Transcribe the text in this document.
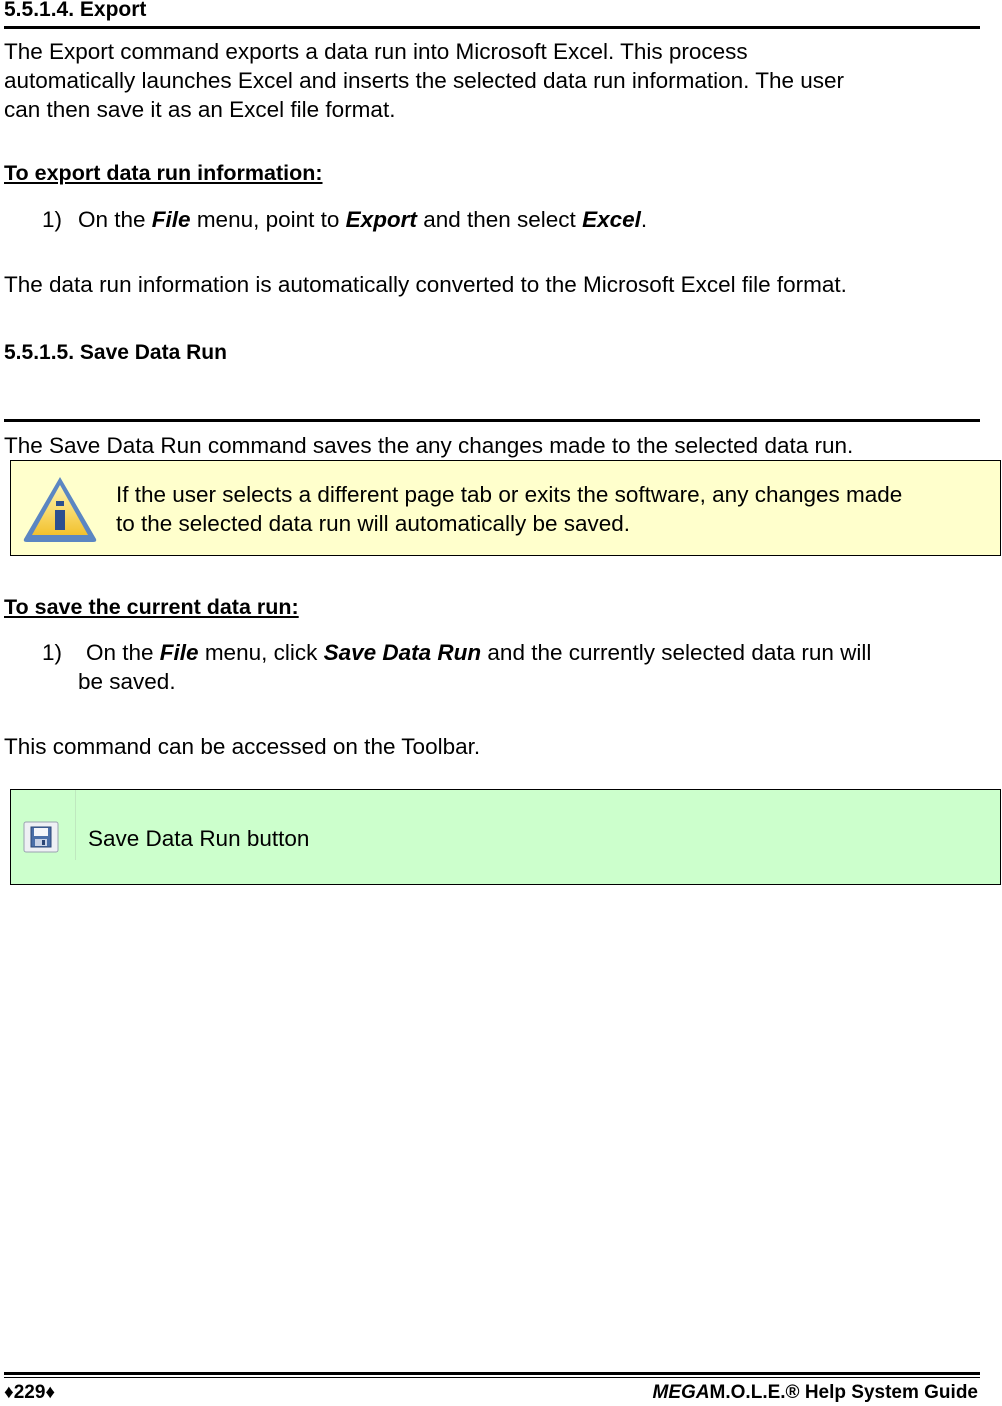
5.5.1.4. Export
The Export command exports a data run into Microsoft Excel. This process
automatically launches Excel and inserts the selected data run information. The user
can then save it as an Excel file format.
To export data run information:
1) On the File menu, point to Export and then select Excel.
The data run information is automatically converted to the Microsoft Excel file format.
5.5.1.5. Save Data Run
The Save Data Run command saves the any changes made to the selected data run.
If the user selects a different page tab or exits the software, any changes made
to the selected data run will automatically be saved.
To save the current data run:
1) On the File menu, click Save Data Run and the currently selected data run will
be saved.
This command can be accessed on the Toolbar.
Save Data Run button
♦229♦	MEGAM.O.L.E.® Help System Guide
